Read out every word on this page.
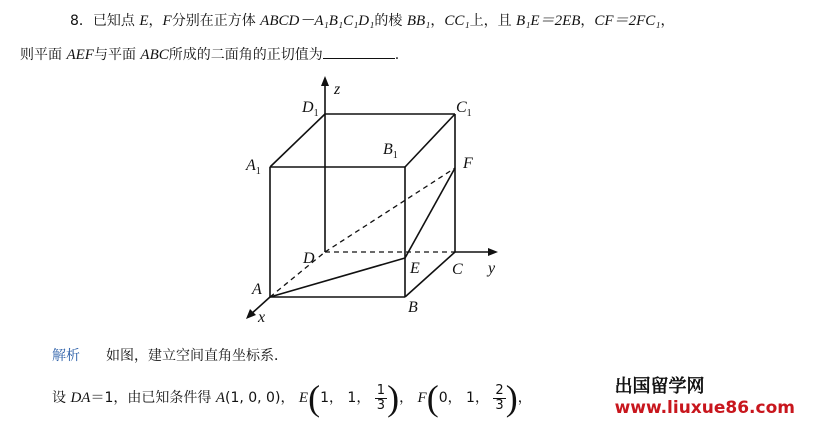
8．已知点 E，F分别在正方体 ABCD－A₁B₁C₁D₁的棱 BB₁，CC₁上，且 B₁E＝2EB，CF＝2FC₁，
则平面 AEF与平面 ABC所成的二面角的正切值为	.
z
$D_1$	$C_1$
$A_1$
$B_1$	F
D
E C y
A
B
x
解析 如图，建立空间直角坐标系．
设 DA＝1，由已知条件得 A(1, 0, 0)， E(1， 1， $\frac{1}{3}$ )， F(0， 1， $\frac{2}{3}$ )，
出国留学网
www.liuxue86.com
